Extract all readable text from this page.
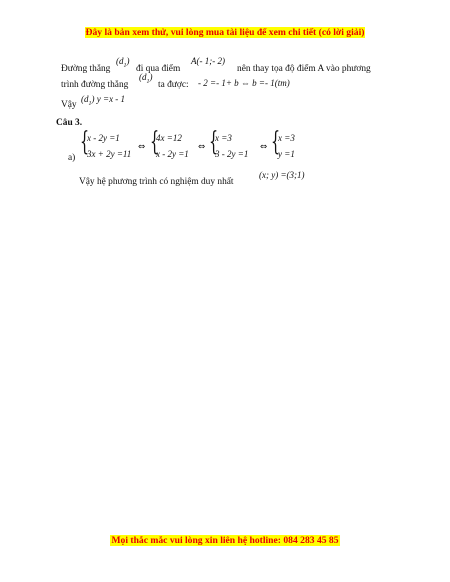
Đây là bản xem thử, vui lòng mua tài liệu để xem chi tiết (có lời giải)
Đường thẳng
$(d_1)$
đi qua điểm
A(- 1;- 2)
nên thay tọa độ điểm A vào phương
trình đường thẳng
$(d_1)$
ta được: - 2 =- 1+ b ⇔ b =- 1(tm)
Vậy
$(d_1)$ y =x - 1
Câu 3.
a)
{
x - 2y =1
3x + 2y =11
⇔ {
4x =12
x - 2y =1
⇔ {
x =3
3 - 2y =1
⇔ {
x =3
y =1
Vậy hệ phương trình có nghiệm duy nhất
(x; y) =(3;1)
Mọi thắc mắc vui lòng xin liên hệ hotline: 084 283 45 85
